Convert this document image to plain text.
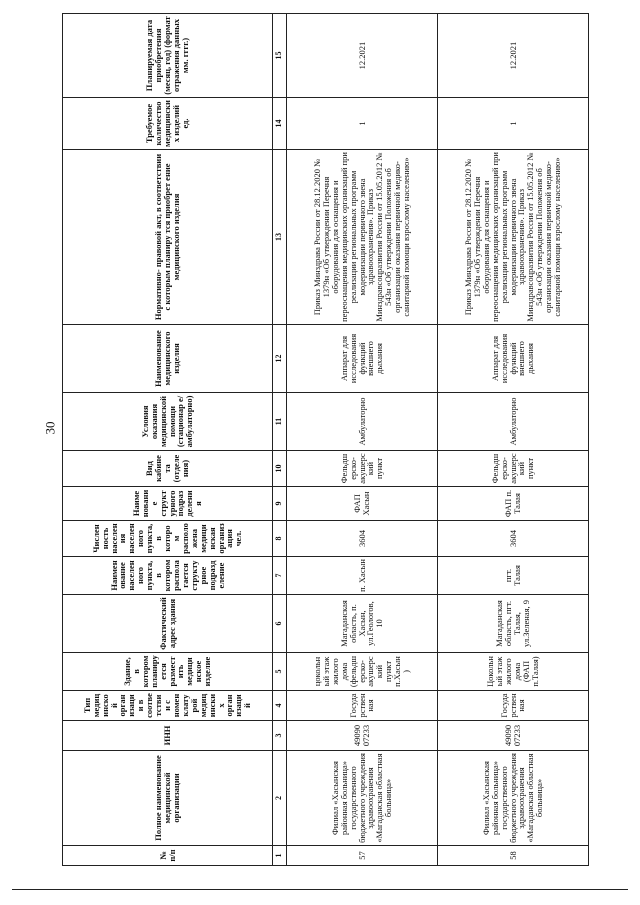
30
№ п/п	Полное наименование медицинской организации	ИНН	Тип медицинской организации в соответствии с номенклатурой медицинских организаций	Здание, в котором планируется разместить медицинское изделие	Фактический адрес здания	Наименование населенного пункта, в котором располагается структурное подразделение	Численность населения населенного пункта, в котором расположена медицинская организация чел.	Наименование структурного подразделения	Вид кабинета (отделения)	Условия оказания медицинской помощи (стационар е/амбулаторно)	Наименование медицинского изделия	Нормативно- правовой акт, в соответствии с которым планиру тся приобрет ение медицинского изделия	Требуемое количество медицинских изделий ед.	Планируемая дата приобретения (месяц, год) (формат отражения данных мм. гггг.)
1	2	3	4	5	6	7	8	9	10	11	12	13	14	15
57	Филиал «Хасынская районная больница» государственного бюджетного учреждения здравоохранения «Магаданская областная больница»	4909007233	Государственная	цокольный этаж жилого дома (фельдшерско-акушерский пункт п.Хасын)	Магаданская область, п. Хасын, ул.Геологов, 10	п. Хасын	3604	ФАП Хасын	Фельдшерско-акушерский пункт	Амбулаторно	Аппарат для исследования функций внешнего дыхания	Приказ Минздрава России от 28.12.2020 № 1379н «Об утверждении Перечня оборудования для оснащения и переоснащения медицинских организаций при реализации региональных программ модернизации первичного звена здравоохранения». Приказ Минздравсоцразвития России от 15.05.2012 № 543н «Об утверждении Положения об организации оказания первичной медико-санитарной помощи взрослому населению»	1	12.2021
58	Филиал «Хасынская районная больница» государственного бюджетного учреждения здравоохранения «Магаданская областная больница»	4909007233	Государственная	Цокольный этаж жилого дома (ФАП п.Талая)	Магаданская область, пгт. Талая, ул.Зеленая, 9	пгт. Талая	3604	ФАП п. Талая	Фельдшерско-акушерский пункт	Амбулаторно	Аппарат для исследования функций внешнего дыхания	Приказ Минздрава России от 28.12.2020 № 1379н «Об утверждении Перечня оборудования для оснащения и переоснащения медицинских организаций при реализации региональных программ модернизации первичного звена здравоохранения». Приказ Минздравсоцразвития России от 15.05.2012 № 543н «Об утверждении Положения об организации оказания первичной медико-санитарной помощи взрослому населению»	1	12.2021
